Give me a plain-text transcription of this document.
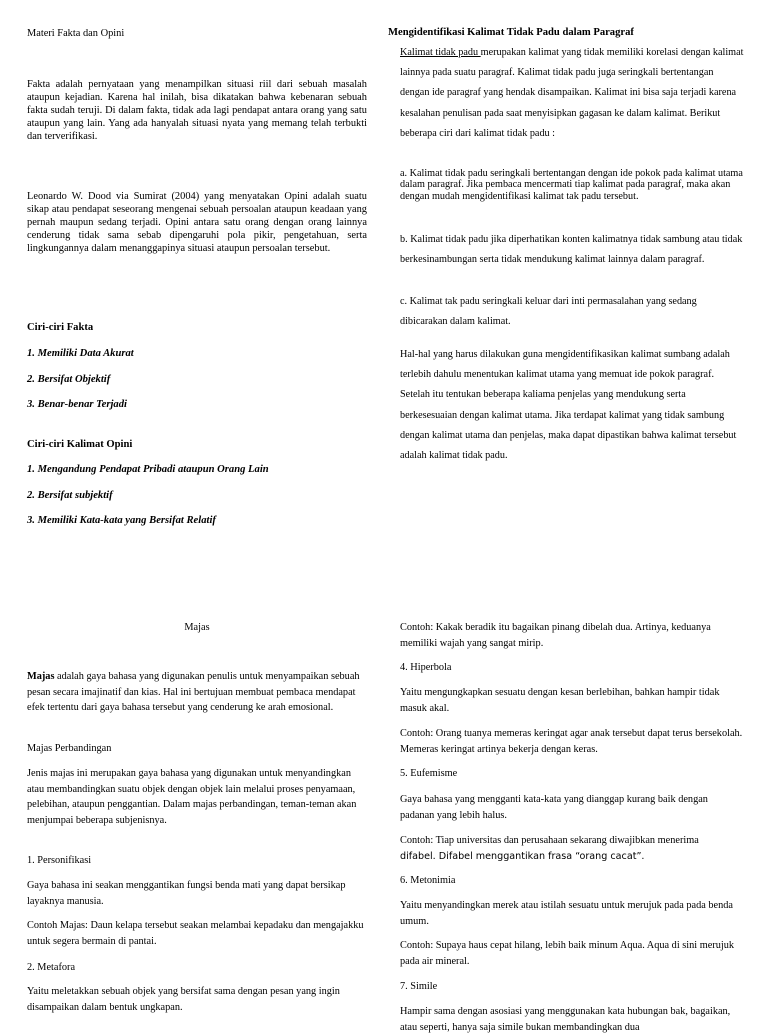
Materi Fakta dan Opini

Fakta adalah pernyataan yang menampilkan situasi riil dari sebuah masalah ataupun kejadian. Karena hal inilah, bisa dikatakan bahwa kebenaran sebuah fakta sudah teruji. Di dalam fakta, tidak ada lagi pendapat antara orang yang satu ataupun yang lain. Yang ada hanyalah situasi nyata yang memang telah terbukti dan terverifikasi.

Leonardo W. Dood via Sumirat (2004) yang menyatakan Opini adalah suatu sikap atau pendapat seseorang mengenai sebuah persoalan ataupun keadaan yang pernah maupun sedang terjadi. Opini antara satu orang dengan orang lainnya cenderung tidak sama sebab dipengaruhi pola pikir, pengetahuan, serta lingkungannya dalam menanggapinya situasi ataupun persoalan tersebut.

Ciri-ciri Fakta

1. Memiliki Data Akurat

2. Bersifat Objektif

3. Benar-benar Terjadi

Ciri-ciri Kalimat Opini

1. Mengandung Pendapat Pribadi ataupun Orang Lain

2. Bersifat subjektif

3. Memiliki Kata-kata yang Bersifat Relatif

Mengidentifikasi Kalimat Tidak Padu dalam Paragraf

Kalimat tidak padu merupakan kalimat yang tidak memiliki korelasi dengan kalimat lainnya pada suatu paragraf. Kalimat tidak padu juga seringkali bertentangan dengan ide paragraf yang hendak disampaikan. Kalimat ini bisa saja terjadi karena kesalahan penulisan pada saat menyisipkan gagasan ke dalam kalimat. Berikut beberapa ciri dari kalimat tidak padu :

a. Kalimat tidak padu seringkali bertentangan dengan ide pokok pada kalimat utama dalam paragraf. Jika pembaca mencermati tiap kalimat pada paragraf, maka akan dengan mudah mengidentifikasi kalimat tak padu tersebut.

b. Kalimat tidak padu jika diperhatikan konten kalimatnya tidak sambung atau tidak berkesinambungan serta tidak mendukung kalimat lainnya dalam paragraf.

c. Kalimat tak padu seringkali keluar dari inti permasalahan yang sedang dibicarakan dalam kalimat.

Hal-hal yang harus dilakukan guna mengidentifikasikan kalimat sumbang adalah terlebih dahulu menentukan kalimat utama yang memuat ide pokok paragraf. Setelah itu tentukan beberapa kaliama penjelas yang mendukung serta berkesesuaian dengan kalimat utama. Jika terdapat kalimat yang tidak sambung dengan kalimat utama dan penjelas, maka dapat dipastikan bahwa kalimat tersebut adalah kalimat tidak padu.

Majas

Majas adalah gaya bahasa yang digunakan penulis untuk menyampaikan sebuah pesan secara imajinatif dan kias. Hal ini bertujuan membuat pembaca mendapat efek tertentu dari gaya bahasa tersebut yang cenderung ke arah emosional.

Majas Perbandingan

Jenis majas ini merupakan gaya bahasa yang digunakan untuk menyandingkan atau membandingkan suatu objek dengan objek lain melalui proses penyamaan, pelebihan, ataupun penggantian. Dalam majas perbandingan, teman-teman akan menjumpai beberapa subjenisnya.

1. Personifikasi

Gaya bahasa ini seakan menggantikan fungsi benda mati yang dapat bersikap layaknya manusia.

Contoh Majas: Daun kelapa tersebut seakan melambai kepadaku dan mengajakku untuk segera bermain di pantai.

2. Metafora

Yaitu meletakkan sebuah objek yang bersifat sama dengan pesan yang ingin disampaikan dalam bentuk ungkapan.

Contoh: Kakak beradik itu bagaikan pinang dibelah dua. Artinya, keduanya memiliki wajah yang sangat mirip.

4. Hiperbola

Yaitu mengungkapkan sesuatu dengan kesan berlebihan, bahkan hampir tidak masuk akal.

Contoh: Orang tuanya memeras keringat agar anak tersebut dapat terus bersekolah. Memeras keringat artinya bekerja dengan keras.

5. Eufemisme

Gaya bahasa yang mengganti kata-kata yang dianggap kurang baik dengan padanan yang lebih halus.

Contoh: Tiap universitas dan perusahaan sekarang diwajibkan menerima

difabel. Difabel menggantikan frasa “orang cacat”.

6. Metonimia

Yaitu menyandingkan merek atau istilah sesuatu untuk merujuk pada pada benda umum.

Contoh: Supaya haus cepat hilang, lebih baik minum Aqua. Aqua di sini merujuk pada air mineral.

7. Simile

Hampir sama dengan asosiasi yang menggunakan kata hubungan bak, bagaikan, atau seperti, hanya saja simile bukan membandingkan dua
